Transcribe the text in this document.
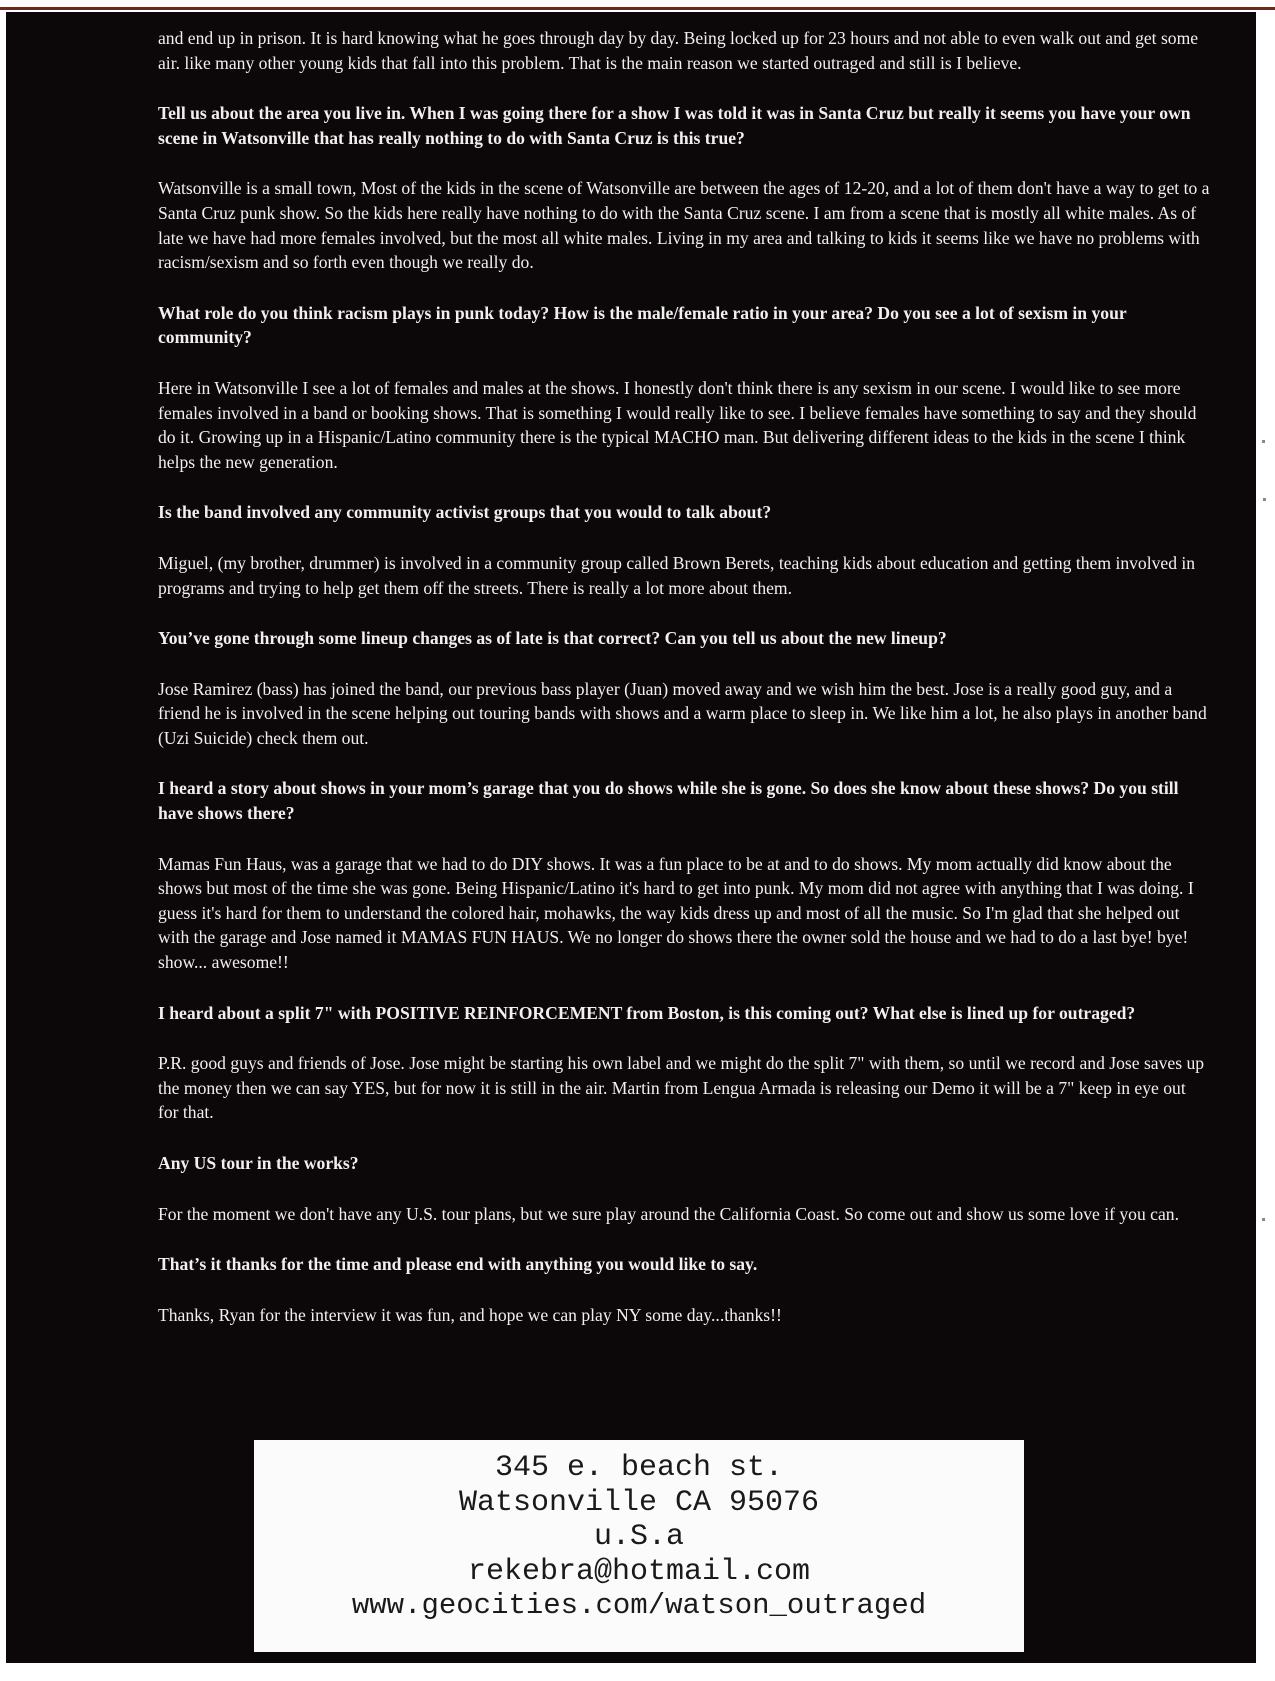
and end up in prison. It is hard knowing what he goes through day by day. Being locked up for 23 hours and not able to even walk out and get some air. like many other young kids that fall into this problem. That is the main reason we started outraged and still is I believe.

Tell us about the area you live in. When I was going there for a show I was told it was in Santa Cruz but really it seems you have your own scene in Watsonville that has really nothing to do with Santa Cruz is this true?

Watsonville is a small town, Most of the kids in the scene of Watsonville are between the ages of 12-20, and a lot of them don't have a way to get to a Santa Cruz punk show. So the kids here really have nothing to do with the Santa Cruz scene. I am from a scene that is mostly all white males. As of late we have had more females involved, but the most all white males. Living in my area and talking to kids it seems like we have no problems with racism/sexism and so forth even though we really do.

What role do you think racism plays in punk today? How is the male/female ratio in your area? Do you see a lot of sexism in your community?

Here in Watsonville I see a lot of females and males at the shows. I honestly don't think there is any sexism in our scene. I would like to see more females involved in a band or booking shows. That is something I would really like to see. I believe females have something to say and they should do it. Growing up in a Hispanic/Latino community there is the typical MACHO man. But delivering different ideas to the kids in the scene I think helps the new generation.

Is the band involved any community activist groups that you would to talk about?

Miguel, (my brother, drummer) is involved in a community group called Brown Berets, teaching kids about education and getting them involved in programs and trying to help get them off the streets. There is really a lot more about them.

You’ve gone through some lineup changes as of late is that correct? Can you tell us about the new lineup?

Jose Ramirez (bass) has joined the band, our previous bass player (Juan) moved away and we wish him the best. Jose is a really good guy, and a friend he is involved in the scene helping out touring bands with shows and a warm place to sleep in. We like him a lot, he also plays in another band (Uzi Suicide) check them out.

I heard a story about shows in your mom’s garage that you do shows while she is gone. So does she know about these shows? Do you still have shows there?

Mamas Fun Haus, was a garage that we had to do DIY shows. It was a fun place to be at and to do shows. My mom actually did know about the shows but most of the time she was gone. Being Hispanic/Latino it's hard to get into punk. My mom did not agree with anything that I was doing. I guess it's hard for them to understand the colored hair, mohawks, the way kids dress up and most of all the music. So I'm glad that she helped out with the garage and Jose named it MAMAS FUN HAUS. We no longer do shows there the owner sold the house and we had to do a last bye! bye! show... awesome!!

I heard about a split 7" with POSITIVE REINFORCEMENT from Boston, is this coming out? What else is lined up for outraged?

P.R. good guys and friends of Jose. Jose might be starting his own label and we might do the split 7" with them, so until we record and Jose saves up the money then we can say YES, but for now it is still in the air. Martin from Lengua Armada is releasing our Demo it will be a 7" keep in eye out for that.

Any US tour in the works?

For the moment we don't have any U.S. tour plans, but we sure play around the California Coast. So come out and show us some love if you can.

That’s it thanks for the time and please end with anything you would like to say.

Thanks, Ryan for the interview it was fun, and hope we can play NY some day...thanks!!

345 e. beach st.
Watsonville CA 95076
u.S.a
rekebra@hotmail.com
www.geocities.com/watson_outraged
